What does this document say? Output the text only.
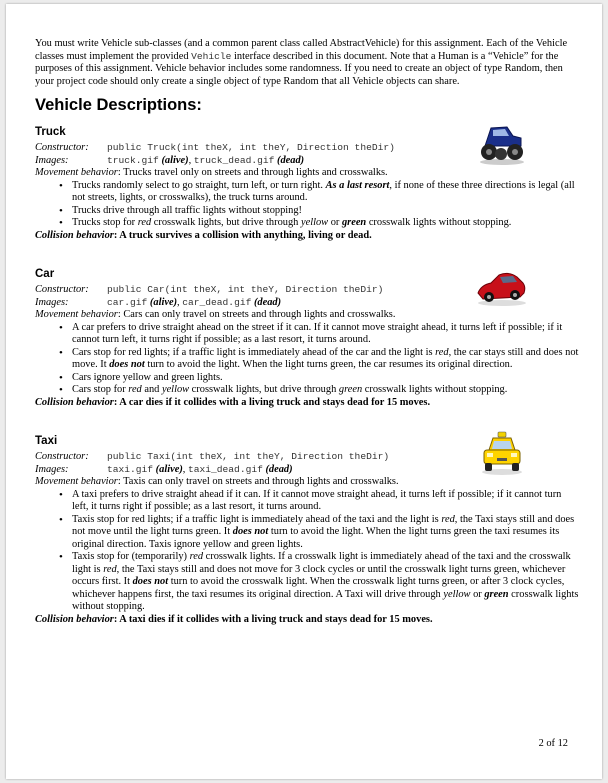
You must write Vehicle sub-classes (and a common parent class called AbstractVehicle) for this assignment. Each of the Vehicle classes must implement the provided Vehicle interface described in this document. Note that a Human is a “Vehicle” for the purposes of this assignment. Vehicle behavior includes some randomness. If you need to create an object of type Random, then your project code should only create a single object of type Random that all Vehicle objects can share.

Vehicle Descriptions:
Truck
Constructor:	public Truck(int theX, int theY, Direction theDir)
Images:	truck.gif (alive), truck_dead.gif (dead)

Movement behavior: Trucks travel only on streets and through lights and crosswalks.

• Trucks randomly select to go straight, turn left, or turn right. As a last resort, if none of these three directions is legal (all not streets, lights, or crosswalks), the truck turns around.
• Trucks drive through all traffic lights without stopping!
• Trucks stop for red crosswalk lights, but drive through yellow or green crosswalk lights without stopping.

Collision behavior: A truck survives a collision with anything, living or dead.

Car
Constructor:	public Car(int theX, int theY, Direction theDir)
Images:	car.gif (alive), car_dead.gif (dead)

Movement behavior: Cars can only travel on streets and through lights and crosswalks.

• A car prefers to drive straight ahead on the street if it can. If it cannot move straight ahead, it turns left if possible; if it cannot turn left, it turns right if possible; as a last resort, it turns around.
• Cars stop for red lights; if a traffic light is immediately ahead of the car and the light is red, the car stays still and does not move. It does not turn to avoid the light. When the light turns green, the car resumes its original direction.
• Cars ignore yellow and green lights.
• Cars stop for red and yellow crosswalk lights, but drive through green crosswalk lights without stopping.

Collision behavior: A car dies if it collides with a living truck and stays dead for 15 moves.

Taxi
Constructor:	public Taxi(int theX, int theY, Direction theDir)
Images:	taxi.gif (alive), taxi_dead.gif (dead)

Movement behavior: Taxis can only travel on streets and through lights and crosswalks.

• A taxi prefers to drive straight ahead if it can. If it cannot move straight ahead, it turns left if possible; if it cannot turn left, it turns right if possible; as a last resort, it turns around.
• Taxis stop for red lights; if a traffic light is immediately ahead of the taxi and the light is red, the Taxi stays still and does not move until the light turns green. It does not turn to avoid the light. When the light turns green the taxi resumes its original direction. Taxis ignore yellow and green lights.
• Taxis stop for (temporarily) red crosswalk lights. If a crosswalk light is immediately ahead of the taxi and the crosswalk light is red, the Taxi stays still and does not move for 3 clock cycles or until the crosswalk light turns green, whichever occurs first. It does not turn to avoid the crosswalk light. When the crosswalk light turns green, or after 3 clock cycles, whichever happens first, the taxi resumes its original direction. A Taxi will drive through yellow or green crosswalk lights without stopping.

Collision behavior: A taxi dies if it collides with a living truck and stays dead for 15 moves.

2 of 12
